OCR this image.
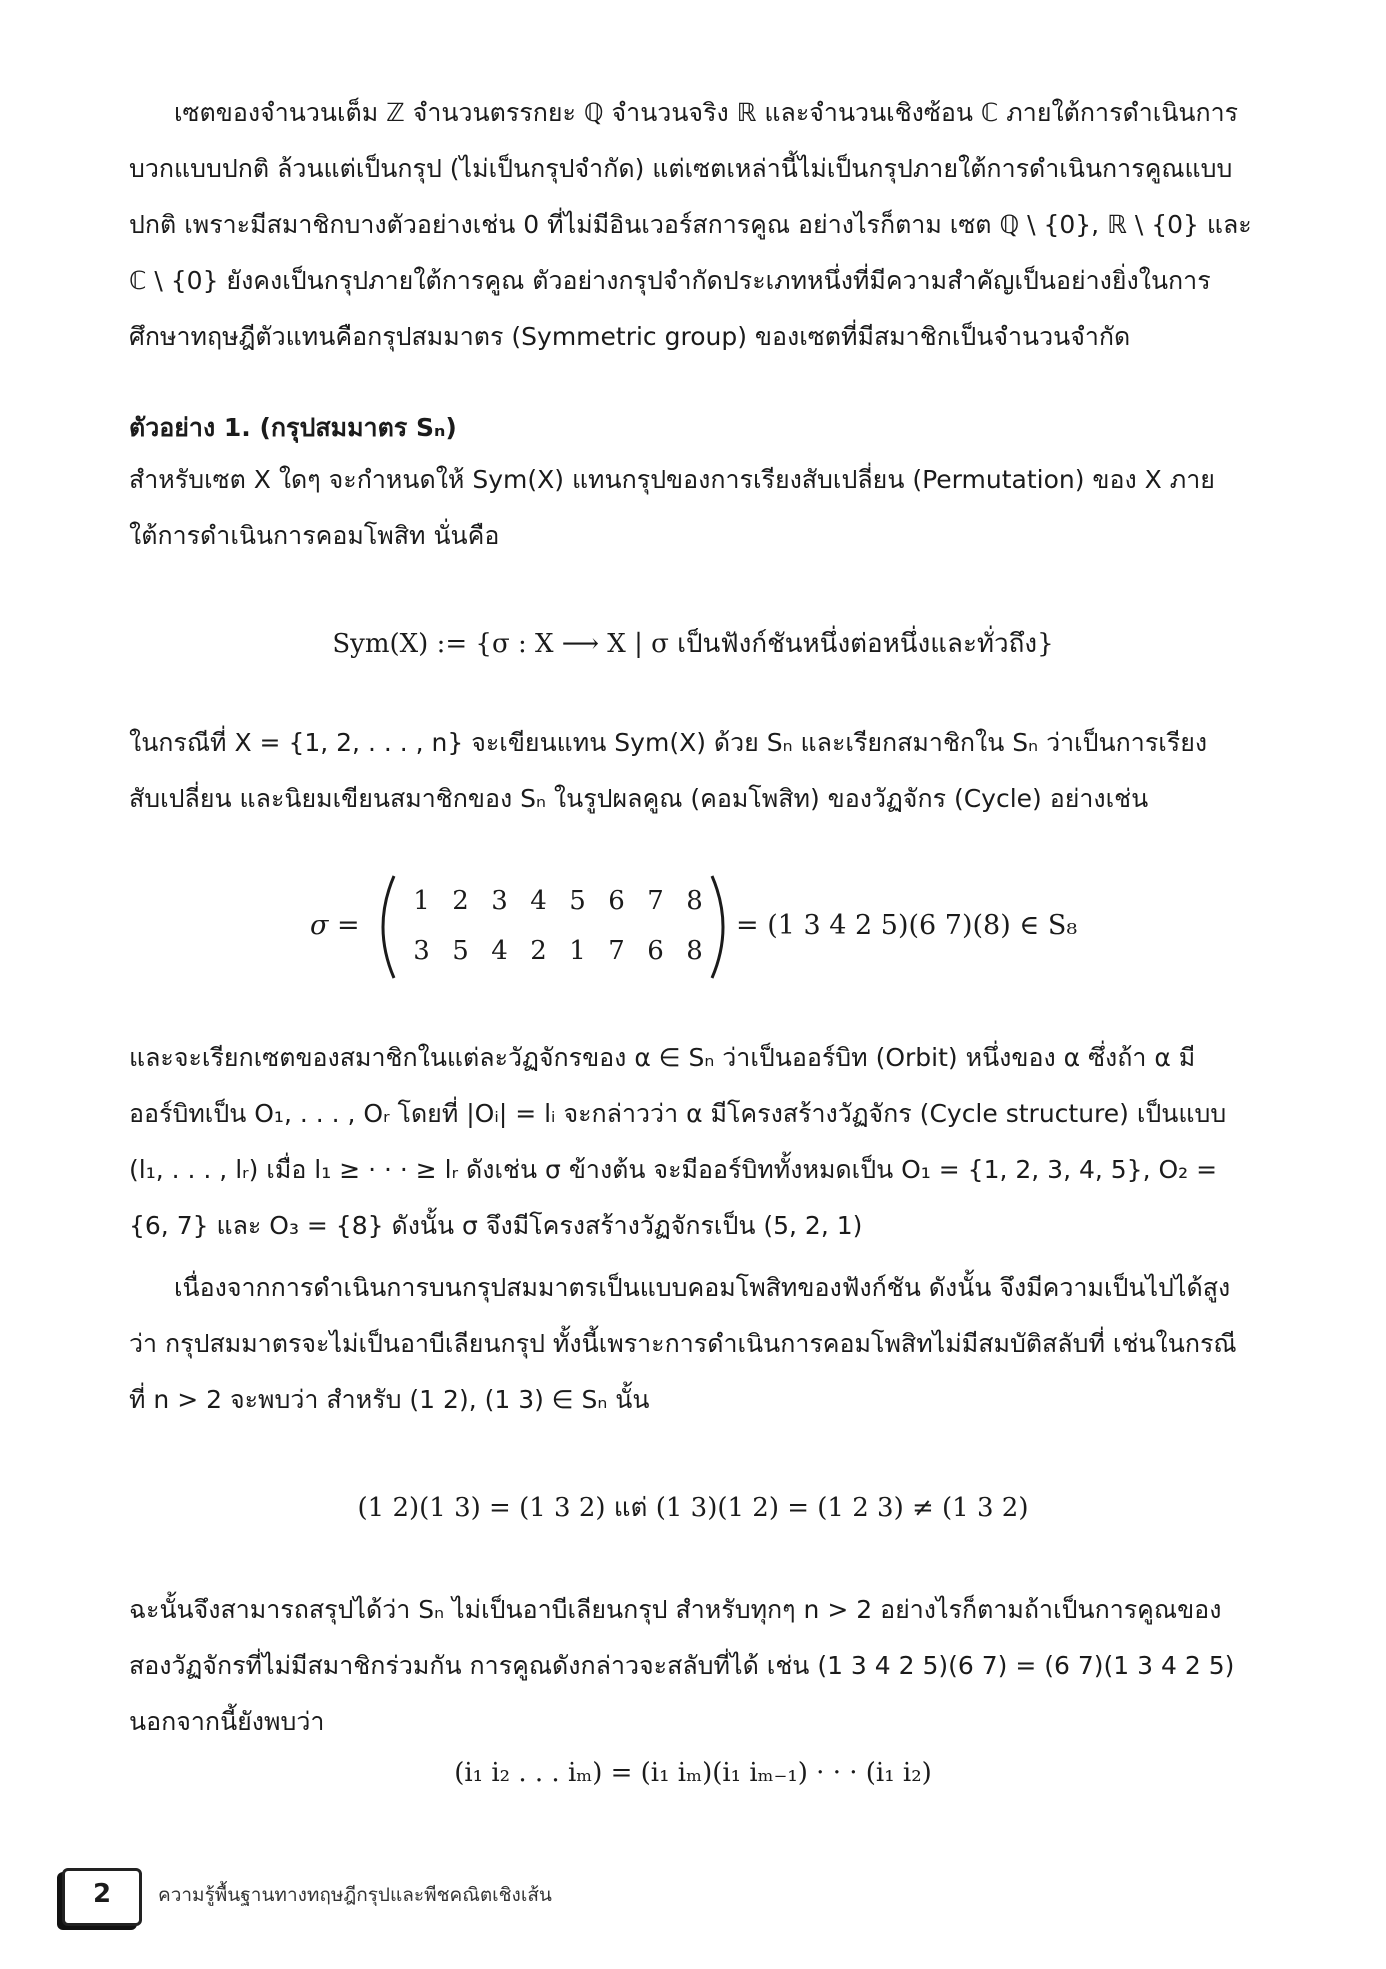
เซตของจำนวนเต็ม ℤ จำนวนตรรกยะ ℚ จำนวนจริง ℝ และจำนวนเชิงซ้อน ℂ ภายใต้การดำเนินการ
บวกแบบปกติ ล้วนแต่เป็นกรุป (ไม่เป็นกรุปจำกัด) แต่เซตเหล่านี้ไม่เป็นกรุปภายใต้การดำเนินการคูณแบบ
ปกติ เพราะมีสมาชิกบางตัวอย่างเช่น 0 ที่ไม่มีอินเวอร์สการคูณ อย่างไรก็ตาม เซต ℚ \ {0}, ℝ \ {0} และ
ℂ \ {0} ยังคงเป็นกรุปภายใต้การคูณ ตัวอย่างกรุปจำกัดประเภทหนึ่งที่มีความสำคัญเป็นอย่างยิ่งในการ
ศึกษาทฤษฎีตัวแทนคือกรุปสมมาตร (Symmetric group) ของเซตที่มีสมาชิกเป็นจำนวนจำกัด
ตัวอย่าง 1. (กรุปสมมาตร Sₙ)
สำหรับเซต X ใดๆ จะกำหนดให้ Sym(X) แทนกรุปของการเรียงสับเปลี่ยน (Permutation) ของ X ภาย
ใต้การดำเนินการคอมโพสิท นั่นคือ
Sym(X) := {σ : X ⟶ X | σ เป็นฟังก์ชันหนึ่งต่อหนึ่งและทั่วถึง}
ในกรณีที่ X = {1, 2, . . . , n} จะเขียนแทน Sym(X) ด้วย Sₙ และเรียกสมาชิกใน Sₙ ว่าเป็นการเรียง
สับเปลี่ยน และนิยมเขียนสมาชิกของ Sₙ ในรูปผลคูณ (คอมโพสิท) ของวัฏจักร (Cycle) อย่างเช่น
σ =
1 2 3 4 5 6 7 8
3 5 4 2 1 7 6 8
= (1 3 4 2 5)(6 7)(8) ∈ S₈
และจะเรียกเซตของสมาชิกในแต่ละวัฏจักรของ α ∈ Sₙ ว่าเป็นออร์บิท (Orbit) หนึ่งของ α ซึ่งถ้า α มี
ออร์บิทเป็น O₁, . . . , Oᵣ โดยที่ |Oᵢ| = lᵢ จะกล่าวว่า α มีโครงสร้างวัฏจักร (Cycle structure) เป็นแบบ
(l₁, . . . , lᵣ) เมื่อ l₁ ≥ · · · ≥ lᵣ ดังเช่น σ ข้างต้น จะมีออร์บิททั้งหมดเป็น O₁ = {1, 2, 3, 4, 5}, O₂ =
{6, 7} และ O₃ = {8} ดังนั้น σ จึงมีโครงสร้างวัฏจักรเป็น (5, 2, 1)
เนื่องจากการดำเนินการบนกรุปสมมาตรเป็นแบบคอมโพสิทของฟังก์ชัน ดังนั้น จึงมีความเป็นไปได้สูง
ว่า กรุปสมมาตรจะไม่เป็นอาบีเลียนกรุป ทั้งนี้เพราะการดำเนินการคอมโพสิทไม่มีสมบัติสลับที่ เช่นในกรณี
ที่ n > 2 จะพบว่า สำหรับ (1 2), (1 3) ∈ Sₙ นั้น
(1 2)(1 3) = (1 3 2) แต่ (1 3)(1 2) = (1 2 3) ≠ (1 3 2)
ฉะนั้นจึงสามารถสรุปได้ว่า Sₙ ไม่เป็นอาบีเลียนกรุป สำหรับทุกๆ n > 2 อย่างไรก็ตามถ้าเป็นการคูณของ
สองวัฏจักรที่ไม่มีสมาชิกร่วมกัน การคูณดังกล่าวจะสลับที่ได้ เช่น (1 3 4 2 5)(6 7) = (6 7)(1 3 4 2 5)
นอกจากนี้ยังพบว่า
(i₁ i₂ . . . iₘ) = (i₁ iₘ)(i₁ iₘ₋₁) · · · (i₁ i₂)
2	ความรู้พื้นฐานทางทฤษฎีกรุปและพีชคณิตเชิงเส้น
